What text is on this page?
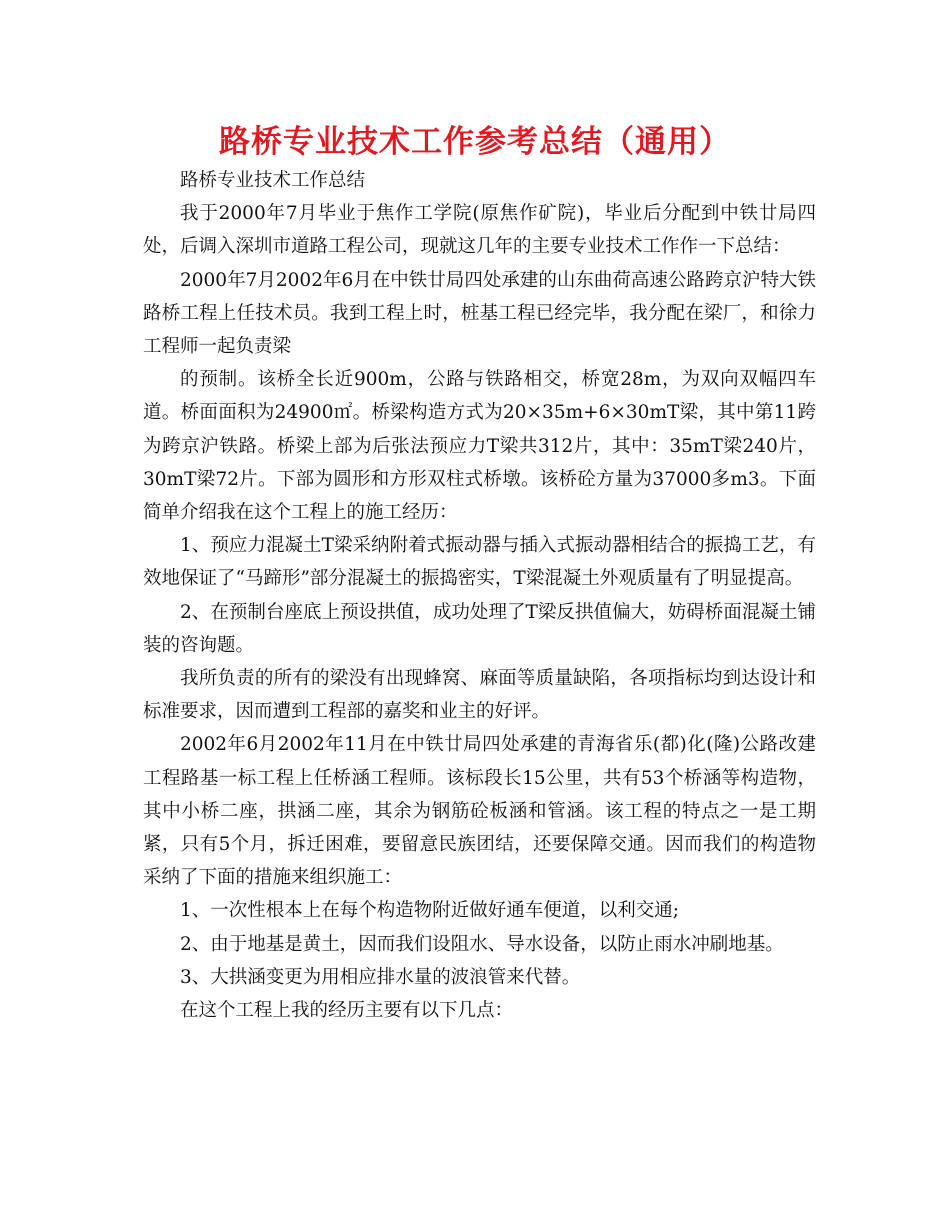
路桥专业技术工作参考总结（通用）

路桥专业技术工作总结

我于2000年7月毕业于焦作工学院(原焦作矿院)，毕业后分配到中铁廿局四处，后调入深圳市道路工程公司，现就这几年的主要专业技术工作作一下总结：

2000年7月2002年6月在中铁廿局四处承建的山东曲荷高速公路跨京沪特大铁路桥工程上任技术员。我到工程上时，桩基工程已经完毕，我分配在梁厂，和徐力工程师一起负责梁

的预制。该桥全长近900m，公路与铁路相交，桥宽28m，为双向双幅四车道。桥面面积为24900㎡。桥梁构造方式为20×35m+6×30mT梁，其中第11跨为跨京沪铁路。桥梁上部为后张法预应力T梁共312片，其中：35mT梁240片，30mT梁72片。下部为圆形和方形双柱式桥墩。该桥砼方量为37000多m3。下面简单介绍我在这个工程上的施工经历：

1、预应力混凝土T梁采纳附着式振动器与插入式振动器相结合的振捣工艺，有效地保证了“马蹄形”部分混凝土的振捣密实，T梁混凝土外观质量有了明显提高。

2、在预制台座底上预设拱值，成功处理了T梁反拱值偏大，妨碍桥面混凝土铺装的咨询题。

我所负责的所有的梁没有出现蜂窝、麻面等质量缺陷，各项指标均到达设计和标准要求，因而遭到工程部的嘉奖和业主的好评。

2002年6月2002年11月在中铁廿局四处承建的青海省乐(都)化(隆)公路改建工程路基一标工程上任桥涵工程师。该标段长15公里，共有53个桥涵等构造物，其中小桥二座，拱涵二座，其余为钢筋砼板涵和管涵。该工程的特点之一是工期紧，只有5个月，拆迁困难，要留意民族团结，还要保障交通。因而我们的构造物采纳了下面的措施来组织施工：

1、一次性根本上在每个构造物附近做好通车便道，以利交通;

2、由于地基是黄土，因而我们设阻水、导水设备，以防止雨水冲刷地基。

3、大拱涵变更为用相应排水量的波浪管来代替。

在这个工程上我的经历主要有以下几点：
